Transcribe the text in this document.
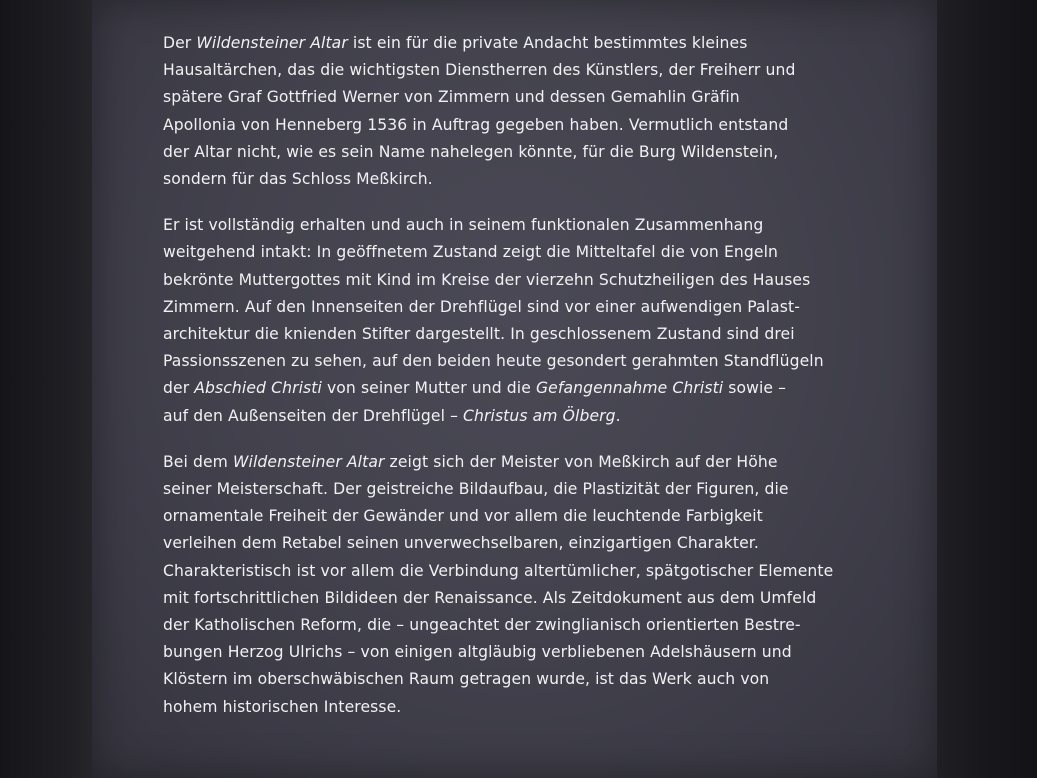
Der Wildensteiner Altar ist ein für die private Andacht bestimmtes kleines
Hausaltärchen, das die wichtigsten Dienstherren des Künstlers, der Freiherr und
spätere Graf Gottfried Werner von Zimmern und dessen Gemahlin Gräfin
Apollonia von Henneberg 1536 in Auftrag gegeben haben. Vermutlich entstand
der Altar nicht, wie es sein Name nahelegen könnte, für die Burg Wildenstein,
sondern für das Schloss Meßkirch.
Er ist vollständig erhalten und auch in seinem funktionalen Zusammenhang
weitgehend intakt: In geöffnetem Zustand zeigt die Mitteltafel die von Engeln
bekrönte Muttergottes mit Kind im Kreise der vierzehn Schutzheiligen des Hauses
Zimmern. Auf den Innenseiten der Drehflügel sind vor einer aufwendigen Palast-
architektur die knienden Stifter dargestellt. In geschlossenem Zustand sind drei
Passionsszenen zu sehen, auf den beiden heute gesondert gerahmten Standflügeln
der Abschied Christi von seiner Mutter und die Gefangennahme Christi sowie –
auf den Außenseiten der Drehflügel – Christus am Ölberg.
Bei dem Wildensteiner Altar zeigt sich der Meister von Meßkirch auf der Höhe
seiner Meisterschaft. Der geistreiche Bildaufbau, die Plastizität der Figuren, die
ornamentale Freiheit der Gewänder und vor allem die leuchtende Farbigkeit
verleihen dem Retabel seinen unverwechselbaren, einzigartigen Charakter.
Charakteristisch ist vor allem die Verbindung altertümlicher, spätgotischer Elemente
mit fortschrittlichen Bildideen der Renaissance. Als Zeitdokument aus dem Umfeld
der Katholischen Reform, die – ungeachtet der zwinglianisch orientierten Bestre-
bungen Herzog Ulrichs – von einigen altgläubig verbliebenen Adelshäusern und
Klöstern im oberschwäbischen Raum getragen wurde, ist das Werk auch von
hohem historischen Interesse.
